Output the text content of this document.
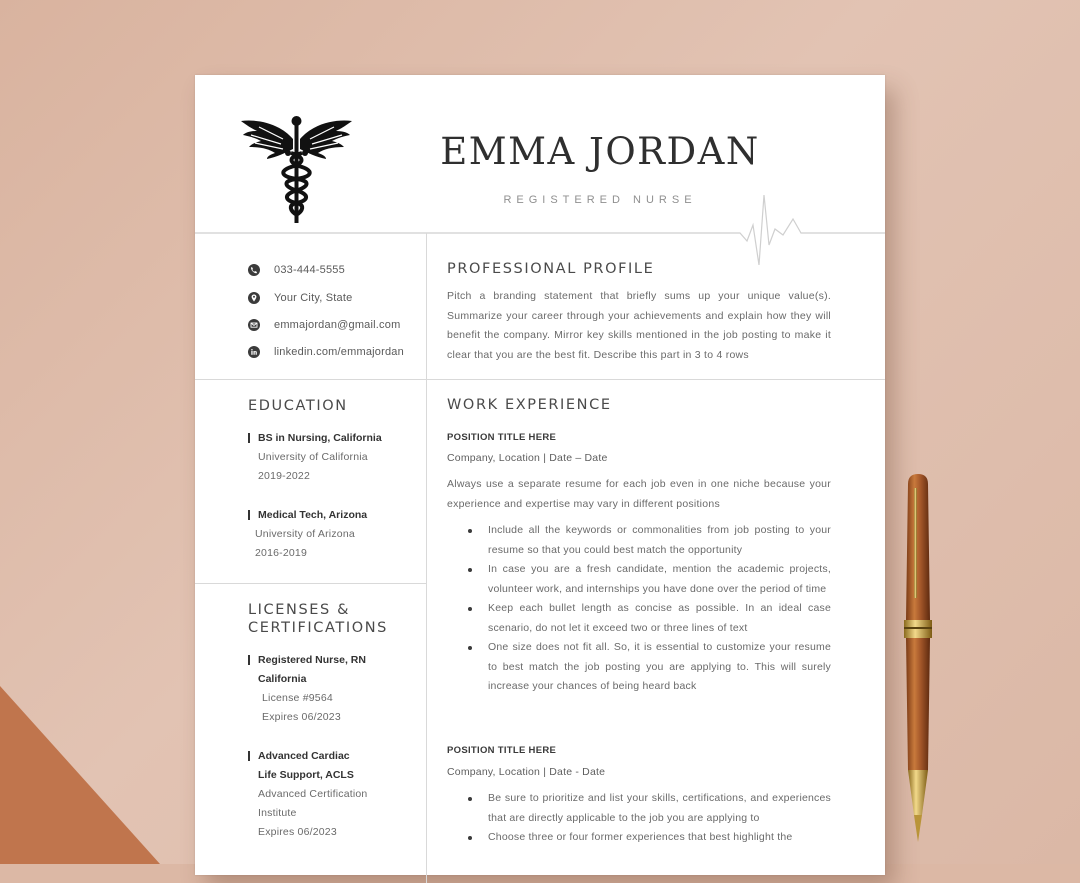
EMMA JORDAN
REGISTERED NURSE
033-444-5555
Your City, State
emmajordan@gmail.com
linkedin.com/emmajordan
EDUCATION
BS in Nursing, California
University of California
2019-2022
Medical Tech, Arizona
University of Arizona
2016-2019
LICENSES &
CERTIFICATIONS
Registered Nurse, RN
California
License #9564
Expires 06/2023
Advanced Cardiac
Life Support, ACLS
Advanced Certification
Institute
Expires 06/2023
PROFESSIONAL PROFILE

Pitch a branding statement that briefly sums up your unique value(s). Summarize your career through your achievements and explain how they will benefit the company. Mirror key skills mentioned in the job posting to make it clear that you are the best fit. Describe this part in 3 to 4 rows

WORK EXPERIENCE
POSITION TITLE HERE
Company, Location | Date – Date

Always use a separate resume for each job even in one niche because your experience and expertise may vary in different positions

Include all the keywords or commonalities from job posting to your resume so that you could best match the opportunity
In case you are a fresh candidate, mention the academic projects, volunteer work, and internships you have done over the period of time
Keep each bullet length as concise as possible. In an ideal case scenario, do not let it exceed two or three lines of text
One size does not fit all. So, it is essential to customize your resume to best match the job posting you are applying to. This will surely increase your chances of being heard back
POSITION TITLE HERE
Company, Location | Date - Date
Be sure to prioritize and list your skills, certifications, and experiences that are directly applicable to the job you are applying to
Choose three or four former experiences that best highlight the
